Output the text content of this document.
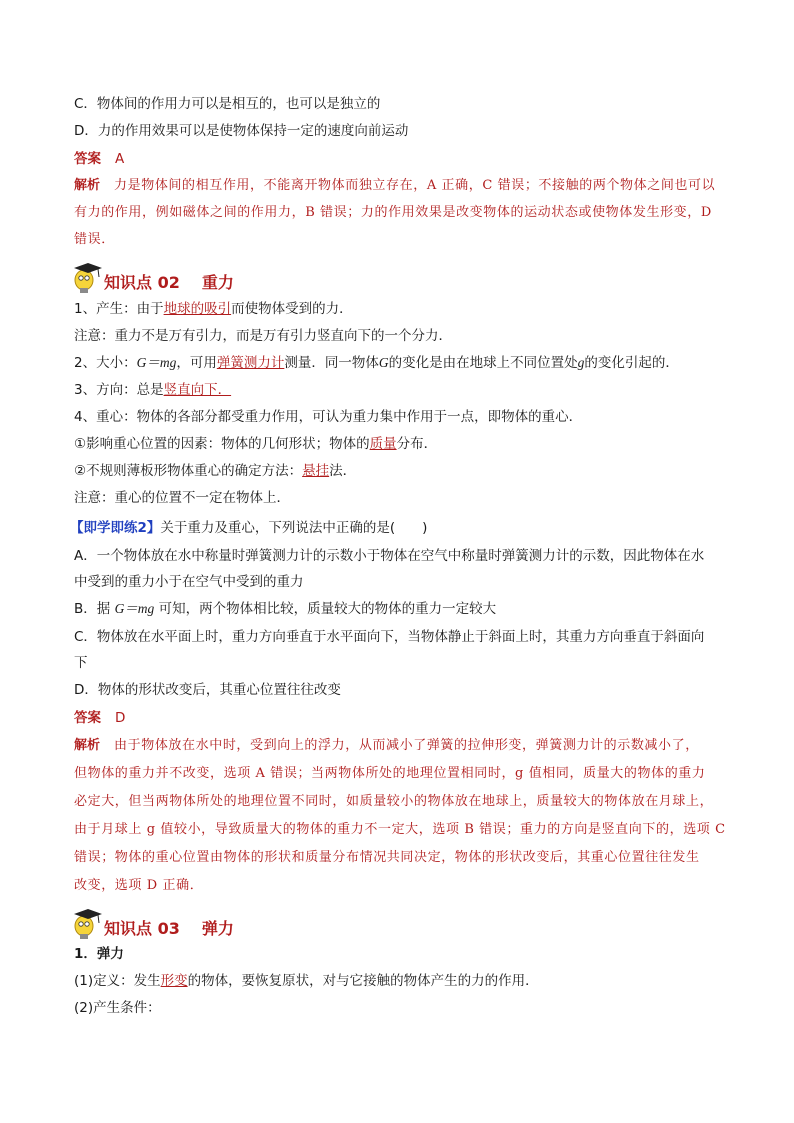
C．物体间的作用力可以是相互的，也可以是独立的
D．力的作用效果可以是使物体保持一定的速度向前运动
答案 A
解析 力是物体间的相互作用，不能离开物体而独立存在，A 正确，C 错误；不接触的两个物体之间也可以
有力的作用，例如磁体之间的作用力，B 错误；力的作用效果是改变物体的运动状态或使物体发生形变，D
错误．
知识点 02 重力
1、产生：由于地球的吸引而使物体受到的力．
注意：重力不是万有引力，而是万有引力竖直向下的一个分力．
2、大小：G＝mg，可用弹簧测力计测量．同一物体G的变化是由在地球上不同位置处g的变化引起的．
3、方向：总是竖直向下．
4、重心：物体的各部分都受重力作用，可认为重力集中作用于一点，即物体的重心．
①影响重心位置的因素：物体的几何形状；物体的质量分布．
②不规则薄板形物体重心的确定方法：悬挂法．
注意：重心的位置不一定在物体上．
【即学即练2】关于重力及重心，下列说法中正确的是(　　)
A．一个物体放在水中称量时弹簧测力计的示数小于物体在空气中称量时弹簧测力计的示数，因此物体在水
中受到的重力小于在空气中受到的重力
B．据 G＝mg 可知，两个物体相比较，质量较大的物体的重力一定较大
C．物体放在水平面上时，重力方向垂直于水平面向下，当物体静止于斜面上时，其重力方向垂直于斜面向
下
D．物体的形状改变后，其重心位置往往改变
答案 D
解析 由于物体放在水中时，受到向上的浮力，从而减小了弹簧的拉伸形变，弹簧测力计的示数减小了，
但物体的重力并不改变，选项 A 错误；当两物体所处的地理位置相同时，g 值相同，质量大的物体的重力
必定大，但当两物体所处的地理位置不同时，如质量较小的物体放在地球上，质量较大的物体放在月球上，
由于月球上 g 值较小，导致质量大的物体的重力不一定大，选项 B 错误；重力的方向是竖直向下的，选项 C
错误；物体的重心位置由物体的形状和质量分布情况共同决定，物体的形状改变后，其重心位置往往发生
改变，选项 D 正确．
知识点 03 弹力
1．弹力
(1)定义：发生形变的物体，要恢复原状，对与它接触的物体产生的力的作用．
(2)产生条件：
